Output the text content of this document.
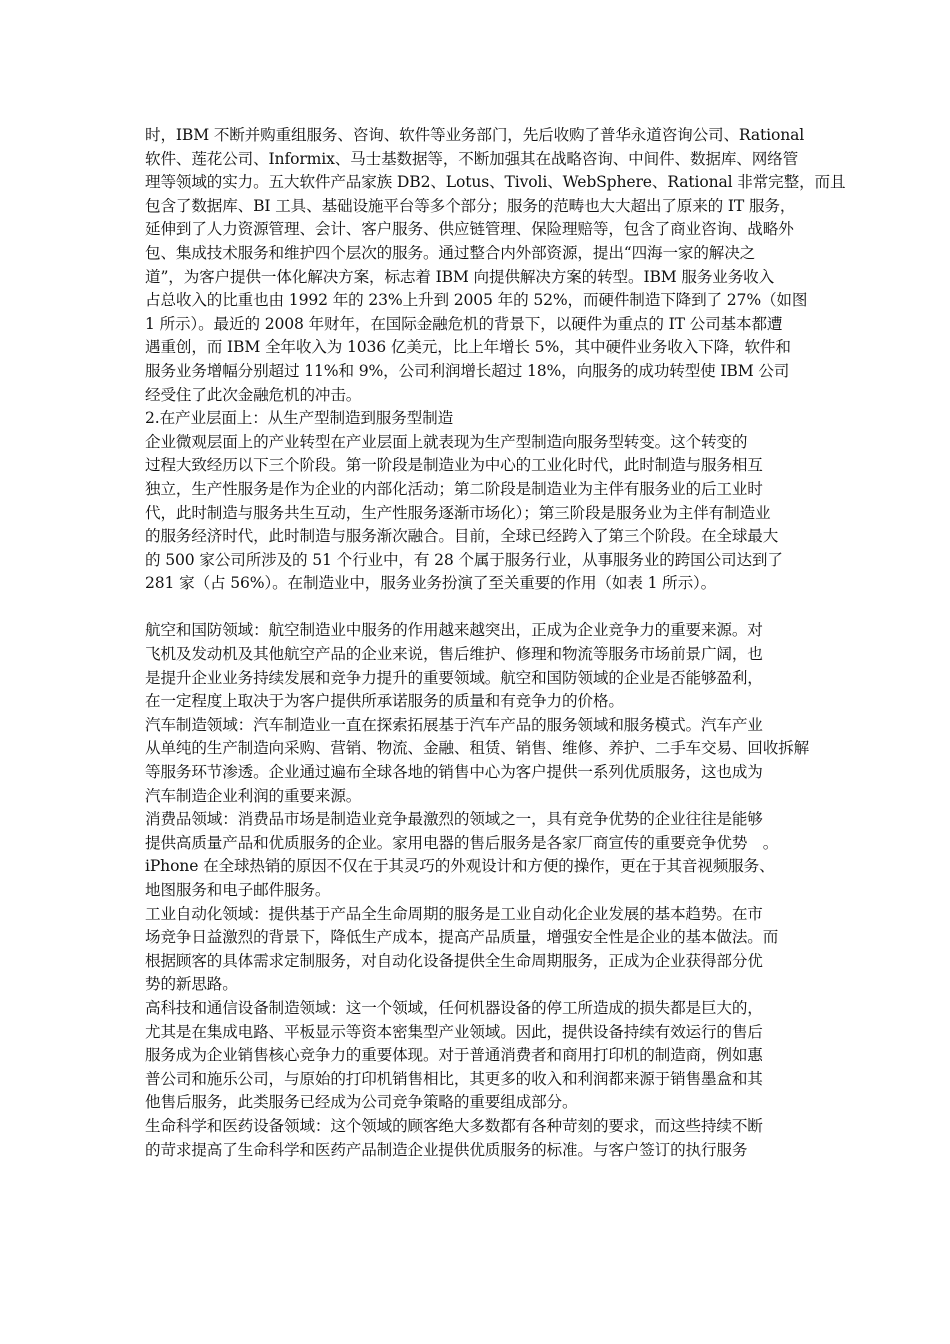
时，IBM 不断并购重组服务、咨询、软件等业务部门，先后收购了普华永道咨询公司、Rational
软件、莲花公司、Informix、马士基数据等，不断加强其在战略咨询、中间件、数据库、网络管
理等领域的实力。五大软件产品家族 DB2、Lotus、Tivoli、WebSphere、Rational 非常完整，而且
包含了数据库、BI 工具、基础设施平台等多个部分；服务的范畴也大大超出了原来的 IT 服务，
延伸到了人力资源管理、会计、客户服务、供应链管理、保险理赔等，包含了商业咨询、战略外
包、集成技术服务和维护四个层次的服务。通过整合内外部资源，提出“四海一家的解决之
道”，为客户提供一体化解决方案，标志着 IBM 向提供解决方案的转型。IBM 服务业务收入
占总收入的比重也由 1992 年的 23%上升到 2005 年的 52%，而硬件制造下降到了 27%（如图
1 所示）。最近的 2008 年财年，在国际金融危机的背景下，以硬件为重点的 IT 公司基本都遭
遇重创，而 IBM 全年收入为 1036 亿美元，比上年增长 5%，其中硬件业务收入下降，软件和
服务业务增幅分别超过 11%和 9%，公司利润增长超过 18%，向服务的成功转型使 IBM 公司
经受住了此次金融危机的冲击。
2.在产业层面上：从生产型制造到服务型制造
企业微观层面上的产业转型在产业层面上就表现为生产型制造向服务型转变。这个转变的
过程大致经历以下三个阶段。第一阶段是制造业为中心的工业化时代，此时制造与服务相互
独立，生产性服务是作为企业的内部化活动；第二阶段是制造业为主伴有服务业的后工业时
代，此时制造与服务共生互动，生产性服务逐渐市场化）；第三阶段是服务业为主伴有制造业
的服务经济时代，此时制造与服务渐次融合。目前，全球已经跨入了第三个阶段。在全球最大
的 500 家公司所涉及的 51 个行业中，有 28 个属于服务行业，从事服务业的跨国公司达到了
281 家（占 56%）。在制造业中，服务业务扮演了至关重要的作用（如表 1 所示）。
航空和国防领域：航空制造业中服务的作用越来越突出，正成为企业竞争力的重要来源。对
飞机及发动机及其他航空产品的企业来说，售后维护、修理和物流等服务市场前景广阔，也
是提升企业业务持续发展和竞争力提升的重要领域。航空和国防领域的企业是否能够盈利，
在一定程度上取决于为客户提供所承诺服务的质量和有竞争力的价格。
汽车制造领域：汽车制造业一直在探索拓展基于汽车产品的服务领域和服务模式。汽车产业
从单纯的生产制造向采购、营销、物流、金融、租赁、销售、维修、养护、二手车交易、回收拆解
等服务环节渗透。企业通过遍布全球各地的销售中心为客户提供一系列优质服务，这也成为
汽车制造企业利润的重要来源。
消费品领域：消费品市场是制造业竞争最激烈的领域之一，具有竞争优势的企业往往是能够
提供高质量产品和优质服务的企业。家用电器的售后服务是各家厂商宣传的重要竞争优势　。
iPhone 在全球热销的原因不仅在于其灵巧的外观设计和方便的操作，更在于其音视频服务、
地图服务和电子邮件服务。
工业自动化领域：提供基于产品全生命周期的服务是工业自动化企业发展的基本趋势。在市
场竞争日益激烈的背景下，降低生产成本，提高产品质量，增强安全性是企业的基本做法。而
根据顾客的具体需求定制服务，对自动化设备提供全生命周期服务，正成为企业获得部分优
势的新思路。
高科技和通信设备制造领域：这一个领域，任何机器设备的停工所造成的损失都是巨大的，
尤其是在集成电路、平板显示等资本密集型产业领域。因此，提供设备持续有效运行的售后
服务成为企业销售核心竞争力的重要体现。对于普通消费者和商用打印机的制造商，例如惠
普公司和施乐公司，与原始的打印机销售相比，其更多的收入和利润都来源于销售墨盒和其
他售后服务，此类服务已经成为公司竞争策略的重要组成部分。
生命科学和医药设备领域：这个领域的顾客绝大多数都有各种苛刻的要求，而这些持续不断
的苛求提高了生命科学和医药产品制造企业提供优质服务的标准。与客户签订的执行服务
